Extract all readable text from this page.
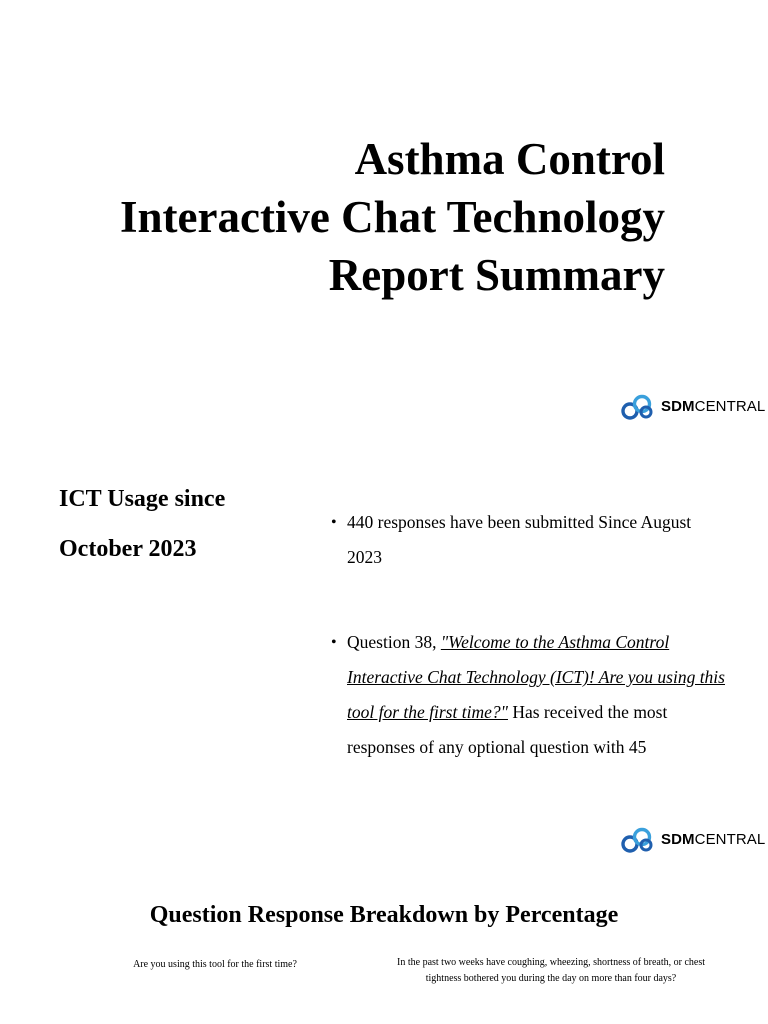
Asthma Control
Interactive Chat Technology
Report Summary
SDMCENTRAL
ICT Usage since
October 2023
• 440 responses have been submitted Since August 2023
• Question 38, "Welcome to the Asthma Control Interactive Chat Technology (ICT)! Are you using this tool for the first time?" Has received the most responses of any optional question with 45
SDMCENTRAL
Question Response Breakdown by Percentage
Are you using this tool for the first time?	In the past two weeks have coughing, wheezing, shortness of breath, or chest tightness bothered you during the day on more than four days?
